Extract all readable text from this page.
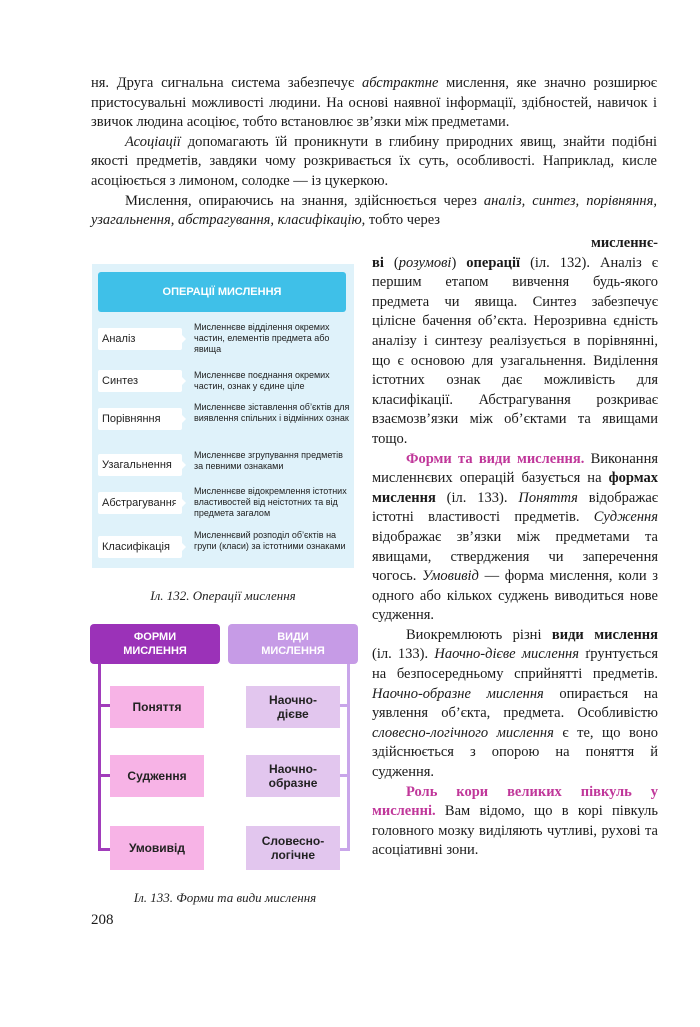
ня. Друга сигнальна система забезпечує абстрактне мислення, яке значно розширює пристосувальні можливості людини. На основі наявної інформації, здібностей, навичок і звичок людина асоціює, тобто встановлює зв’язки між предметами.

Асоціації допомагають їй проникнути в глибину природних явищ, знайти подібні якості предметів, завдяки чому розкривається їх суть, особливості. Наприклад, кисле асоціюється з лимоном, солодке — із цукеркою.

Мислення, опираючись на знання, здійснюється через аналіз, синтез, порівняння, узагальнення, абстрагування, класифікацію, тобто через

мисленнє-

ві (розумові) операції (іл. 132). Аналіз є першим етапом вивчення будь-якого предмета чи явища. Синтез забезпечує цілісне бачення об’єкта. Нерозривна єдність аналізу і синтезу реалізується в порівнянні, що є основою для узагальнення. Виділення істотних ознак дає можливість для класифікації. Абстрагування розкриває взаємозв’язки між об’єктами та явищами тощо.

Форми та види мислення. Виконання мисленнєвих операцій базується на формах мислення (іл. 133). Поняття відображає істотні властивості предметів. Судження відображає зв’язки між предметами та явищами, стверджения чи заперечення чогось. Умовивід — форма мислення, коли з одного або кількох суджень виводиться нове судження.

Виокремлюють різні види мислення (іл. 133). Наочно-дієве мислення ґрунтується на безпосередньому сприйнятті предметів. Наочно-образне мислення опирається на уявлення об’єкта, предмета. Особливістю словесно-логічного мислення є те, що воно здійснюється з опорою на поняття й судження.

Роль кори великих півкуль у мисленні. Вам відомо, що в корі півкуль головного мозку виділяють чутливі, рухові та асоціативні зони.

ОПЕРАЦІЇ МИСЛЕННЯ
Аналіз
Мисленнєве відділення окремих частин, елементів предмета або явища
Синтез	Мисленнєве поєднання окремих частин, ознак у єдине ціле
Порівняння
Мисленнєве зіставлення об’єктів для виявлення спільних і відмінних ознак
Узагальнення
Мисленнєве згрупування предметів за певними ознаками
Абстрагування
Мисленнєве відокремлення істотних властивостей від неістотних та від предмета загалом
Класифікація
Мисленнєвий розподіл об’єктів на групи (класи) за істотними ознаками
Іл. 132. Операції мислення
ФОРМИ МИСЛЕННЯ
ВИДИ МИСЛЕННЯ
Поняття
Судження
Умовивід
Наочно-дієве
Наочно-образне
Словесно-логічне
Іл. 133. Форми та види мислення
208
